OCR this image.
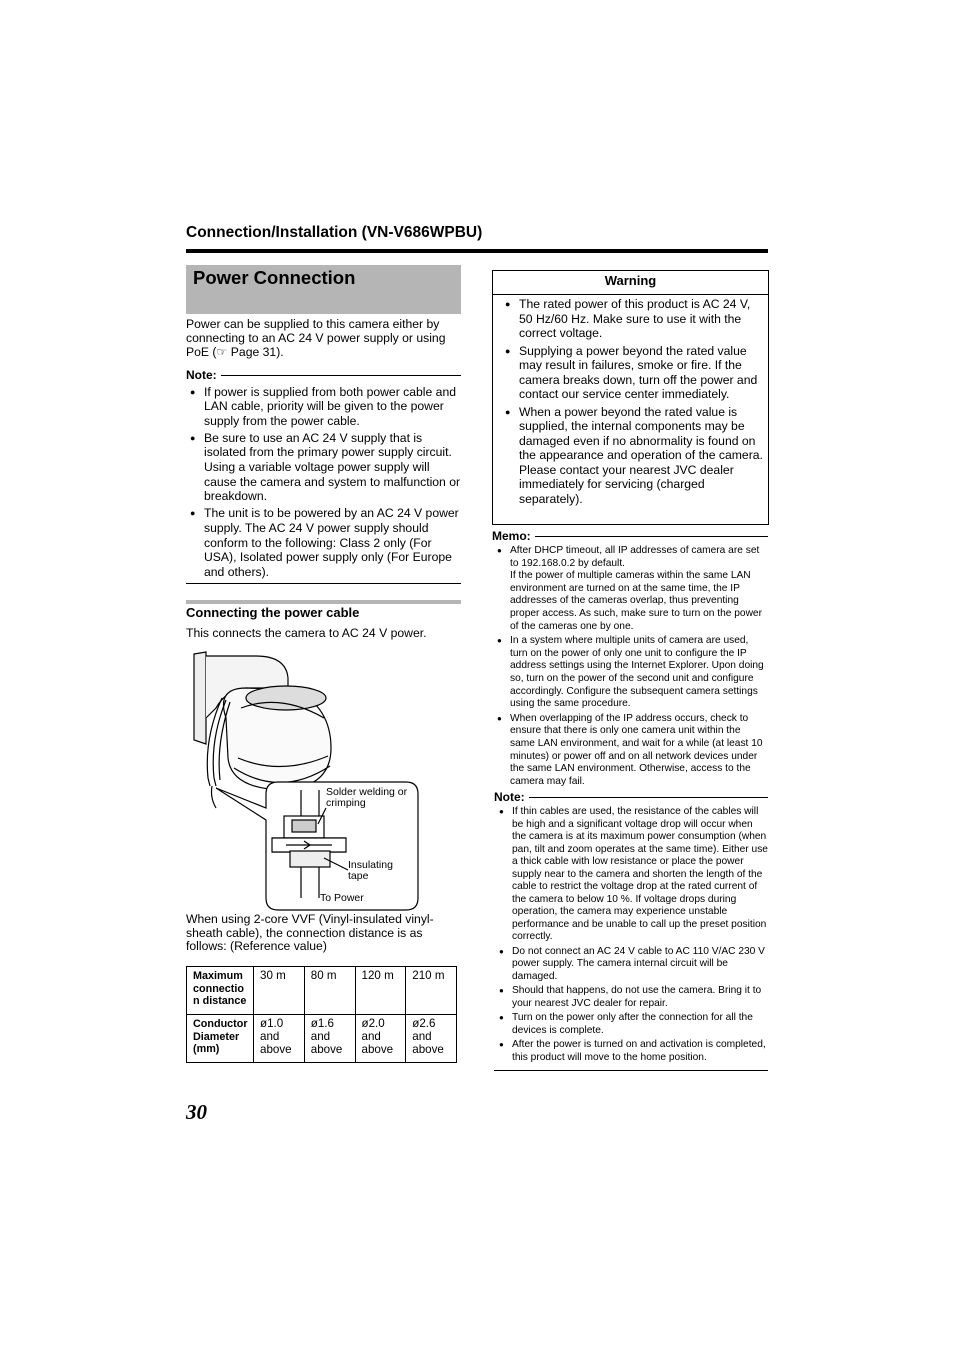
Connection/Installation (VN-V686WPBU)
Power Connection
Power can be supplied to this camera either by connecting to an AC 24 V power supply or using PoE (☞ Page 31).
Note:
● If power is supplied from both power cable and LAN cable, priority will be given to the power supply from the power cable.
● Be sure to use an AC 24 V supply that is isolated from the primary power supply circuit. Using a variable voltage power supply will cause the camera and system to malfunction or breakdown.
● The unit is to be powered by an AC 24 V power supply. The AC 24 V power supply should conform to the following: Class 2 only (For USA), Isolated power supply only (For Europe and others).
Connecting the power cable
This connects the camera to AC 24 V power.
Solder welding or
crimping
Insulating
tape
To Power
When using 2-core VVF (Vinyl-insulated vinyl-sheath cable), the connection distance is as follows: (Reference value)
Maximum connectio n distance	30 m	80 m	120 m	210 m
Conductor Diameter (mm)	ø1.0 and above	ø1.6 and above	ø2.0 and above	ø2.6 and above
30
Warning
● The rated power of this product is AC 24 V, 50 Hz/60 Hz. Make sure to use it with the correct voltage.
● Supplying a power beyond the rated value may result in failures, smoke or fire. If the camera breaks down, turn off the power and contact our service center immediately.
● When a power beyond the rated value is supplied, the internal components may be damaged even if no abnormality is found on the appearance and operation of the camera. Please contact your nearest JVC dealer immediately for servicing (charged separately).
Memo:
● After DHCP timeout, all IP addresses of camera are set to 192.168.0.2 by default.
If the power of multiple cameras within the same LAN environment are turned on at the same time, the IP addresses of the cameras overlap, thus preventing proper access. As such, make sure to turn on the power of the cameras one by one.
● In a system where multiple units of camera are used, turn on the power of only one unit to configure the IP address settings using the Internet Explorer. Upon doing so, turn on the power of the second unit and configure accordingly. Configure the subsequent camera settings using the same procedure.
● When overlapping of the IP address occurs, check to ensure that there is only one camera unit within the same LAN environment, and wait for a while (at least 10 minutes) or power off and on all network devices under the same LAN environment. Otherwise, access to the camera may fail.
Note:
● If thin cables are used, the resistance of the cables will be high and a significant voltage drop will occur when the camera is at its maximum power consumption (when pan, tilt and zoom operates at the same time). Either use a thick cable with low resistance or place the power supply near to the camera and shorten the length of the cable to restrict the voltage drop at the rated current of the camera to below 10 %. If voltage drops during operation, the camera may experience unstable performance and be unable to call up the preset position correctly.
● Do not connect an AC 24 V cable to AC 110 V/AC 230 V power supply. The camera internal circuit will be damaged.
● Should that happens, do not use the camera. Bring it to your nearest JVC dealer for repair.
● Turn on the power only after the connection for all the devices is complete.
● After the power is turned on and activation is completed, this product will move to the home position.
